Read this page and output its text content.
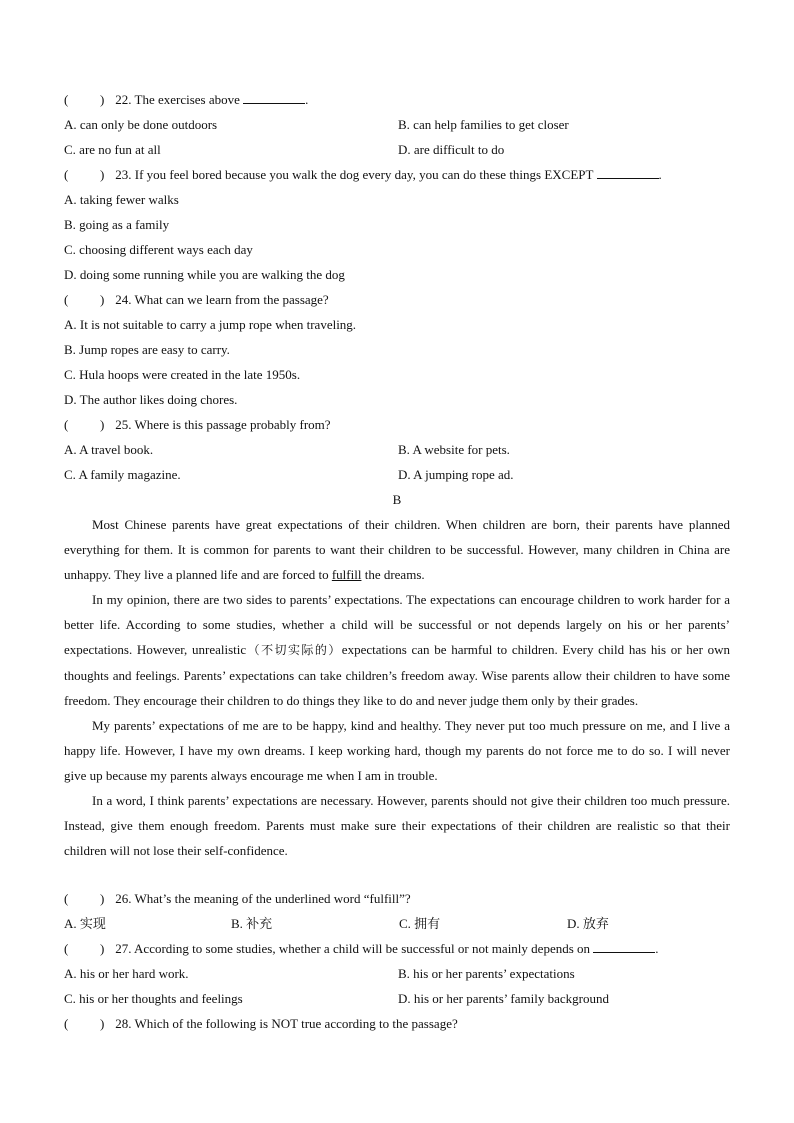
( ) 22. The exercises above	.
A. can only be done outdoors	B. can help families to get closer
C. are no fun at all	D. are difficult to do
( ) 23. If you feel bored because you walk the dog every day, you can do these things EXCEPT	.
A. taking fewer walks
B. going as a family
C. choosing different ways each day
D. doing some running while you are walking the dog
( ) 24. What can we learn from the passage?
A. It is not suitable to carry a jump rope when traveling.
B. Jump ropes are easy to carry.
C. Hula hoops were created in the late 1950s.
D. The author likes doing chores.
( ) 25. Where is this passage probably from?
A. A travel book.	B. A website for pets.
C. A family magazine.	D. A jumping rope ad.
B

Most Chinese parents have great expectations of their children. When children are born, their parents have planned everything for them. It is common for parents to want their children to be successful. However, many children in China are unhappy. They live a planned life and are forced to fulfill the dreams.

In my opinion, there are two sides to parents’ expectations. The expectations can encourage children to work harder for a better life. According to some studies, whether a child will be successful or not depends largely on his or her parents’ expectations. However, unrealistic（不切实际的）expectations can be harmful to children. Every child has his or her own thoughts and feelings. Parents’ expectations can take children’s freedom away. Wise parents allow their children to have some freedom. They encourage their children to do things they like to do and never judge them only by their grades.

My parents’ expectations of me are to be happy, kind and healthy. They never put too much pressure on me, and I live a happy life. However, I have my own dreams. I keep working hard, though my parents do not force me to do so. I will never give up because my parents always encourage me when I am in trouble.

In a word, I think parents’ expectations are necessary. However, parents should not give their children too much pressure. Instead, give them enough freedom. Parents must make sure their expectations of their children are realistic so that their children will not lose their self-confidence.

( ) 26. What’s the meaning of the underlined word “fulfill”?
A. 实现	B. 补充	C. 拥有	D. 放弃
( ) 27. According to some studies, whether a child will be successful or not mainly depends on	.
A. his or her hard work.	B. his or her parents’ expectations
C. his or her thoughts and feelings	D. his or her parents’ family background
( ) 28. Which of the following is NOT true according to the passage?
